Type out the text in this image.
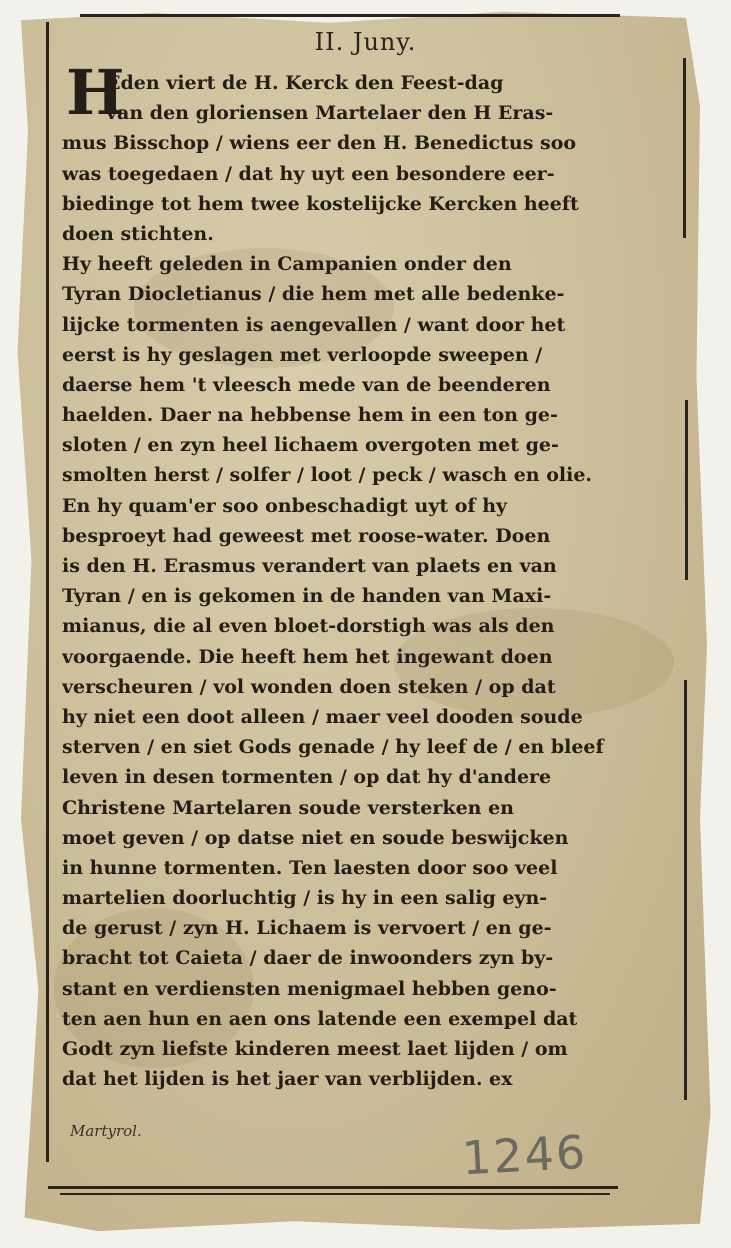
II. Juny.
H
Eden viert de H. Kerck den Feest-dag
van den gloriensen Martelaer den H Eras-
mus Bisschop / wiens eer den H. Benedictus soo
was toegedaen / dat hy uyt een besondere eer-
biedinge tot hem twee kostelijcke Kercken heeft
doen stichten.
Hy heeft geleden in Campanien onder den
Tyran Diocletianus / die hem met alle bedenke-
lijcke tormenten is aengevallen / want door het
eerst is hy geslagen met verloopde sweepen /
daerse hem 't vleesch mede van de beenderen
haelden. Daer na hebbense hem in een ton ge-
sloten / en zyn heel lichaem overgoten met ge-
smolten herst / solfer / loot / peck / wasch en olie.
En hy quam'er soo onbeschadigt uyt of hy
besproeyt had geweest met roose-water. Doen
is den H. Erasmus verandert van plaets en van
Tyran / en is gekomen in de handen van Maxi-
mianus, die al even bloet-dorstigh was als den
voorgaende. Die heeft hem het ingewant doen
verscheuren / vol wonden doen steken / op dat
hy niet een doot alleen / maer veel dooden soude
sterven / en siet Gods genade / hy leef de / en bleef
leven in desen tormenten / op dat hy d'andere
Christene Martelaren soude versterken en
moet geven / op datse niet en soude beswijcken
in hunne tormenten. Ten laesten door soo veel
martelien doorluchtig / is hy in een salig eyn-
de gerust / zyn H. Lichaem is vervoert / en ge-
bracht tot Caieta / daer de inwoonders zyn by-
stant en verdiensten menigmael hebben geno-
ten aen hun en aen ons latende een exempel dat
Godt zyn liefste kinderen meest laet lijden / om
dat het lijden is het jaer van verblijden. ex
Martyrol.	1246
